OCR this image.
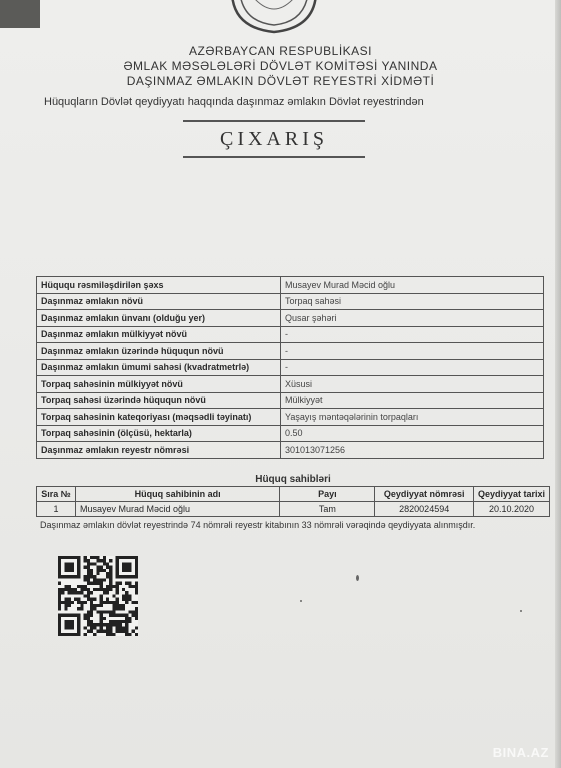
AZƏRBAYCAN RESPUBLİKASI

ƏMLAK MƏSƏLƏLƏRİ DÖVLƏT KOMİTƏSİ YANINDA

DAŞINMAZ ƏMLAKIN DÖVLƏT REYESTRİ XİDMƏTİ

Hüquqların Dövlət qeydiyyatı haqqında daşınmaz əmlakın Dövlət reyestrindən

ÇIXARIŞ
Hüququ rəsmiləşdirilən şəxs	Musayev Murad Məcid oğlu
Daşınmaz əmlakın növü	Torpaq sahəsi
Daşınmaz əmlakın ünvanı (olduğu yer)	Qusar şəhəri
Daşınmaz əmlakın mülkiyyət növü	-
Daşınmaz əmlakın üzərində hüququn növü	-
Daşınmaz əmlakın ümumi sahəsi (kvadratmetrlə)	-
Torpaq sahəsinin mülkiyyət növü	Xüsusi
Torpaq sahəsi üzərində hüququn növü	Mülkiyyət
Torpaq sahəsinin kateqoriyası (məqsədli təyinatı)	Yaşayış məntəqələrinin torpaqları
Torpaq sahəsinin (ölçüsü, hektarla)	0.50
Daşınmaz əmlakın reyestr nömrəsi	301013071256
Hüquq sahibləri
Sıra №	Hüquq sahibinin adı	Payı	Qeydiyyat nömrəsi	Qeydiyyat tarixi
1	Musayev Murad Məcid oğlu	Tam	2820024594	20.10.2020
Daşınmaz əmlakın dövlət reyestrində 74 nömrəli reyestr kitabının 33 nömrəli vərəqində qeydiyyata alınmışdır.
BINA.AZ
